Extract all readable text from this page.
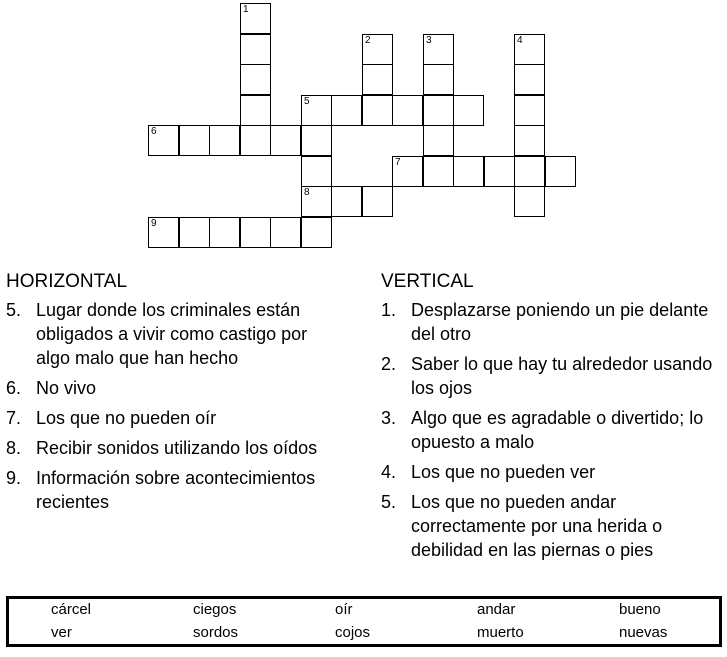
1
2	3	4
5
6
7
8
9
HORIZONTAL
5. Lugar donde los criminales están obligados a vivir como castigo por algo malo que han hecho
6. No vivo
7. Los que no pueden oír
8. Recibir sonidos utilizando los oídos
9. Información sobre acontecimientos recientes
VERTICAL
1. Desplazarse poniendo un pie delante del otro
2. Saber lo que hay tu alrededor usando los ojos
3. Algo que es agradable o divertido; lo opuesto a malo
4. Los que no pueden ver
5. Los que no pueden andar correctamente por una herida o debilidad en las piernas o pies
cárcel	ciegos	oír	andar	bueno
ver	sordos	cojos	muerto	nuevas
